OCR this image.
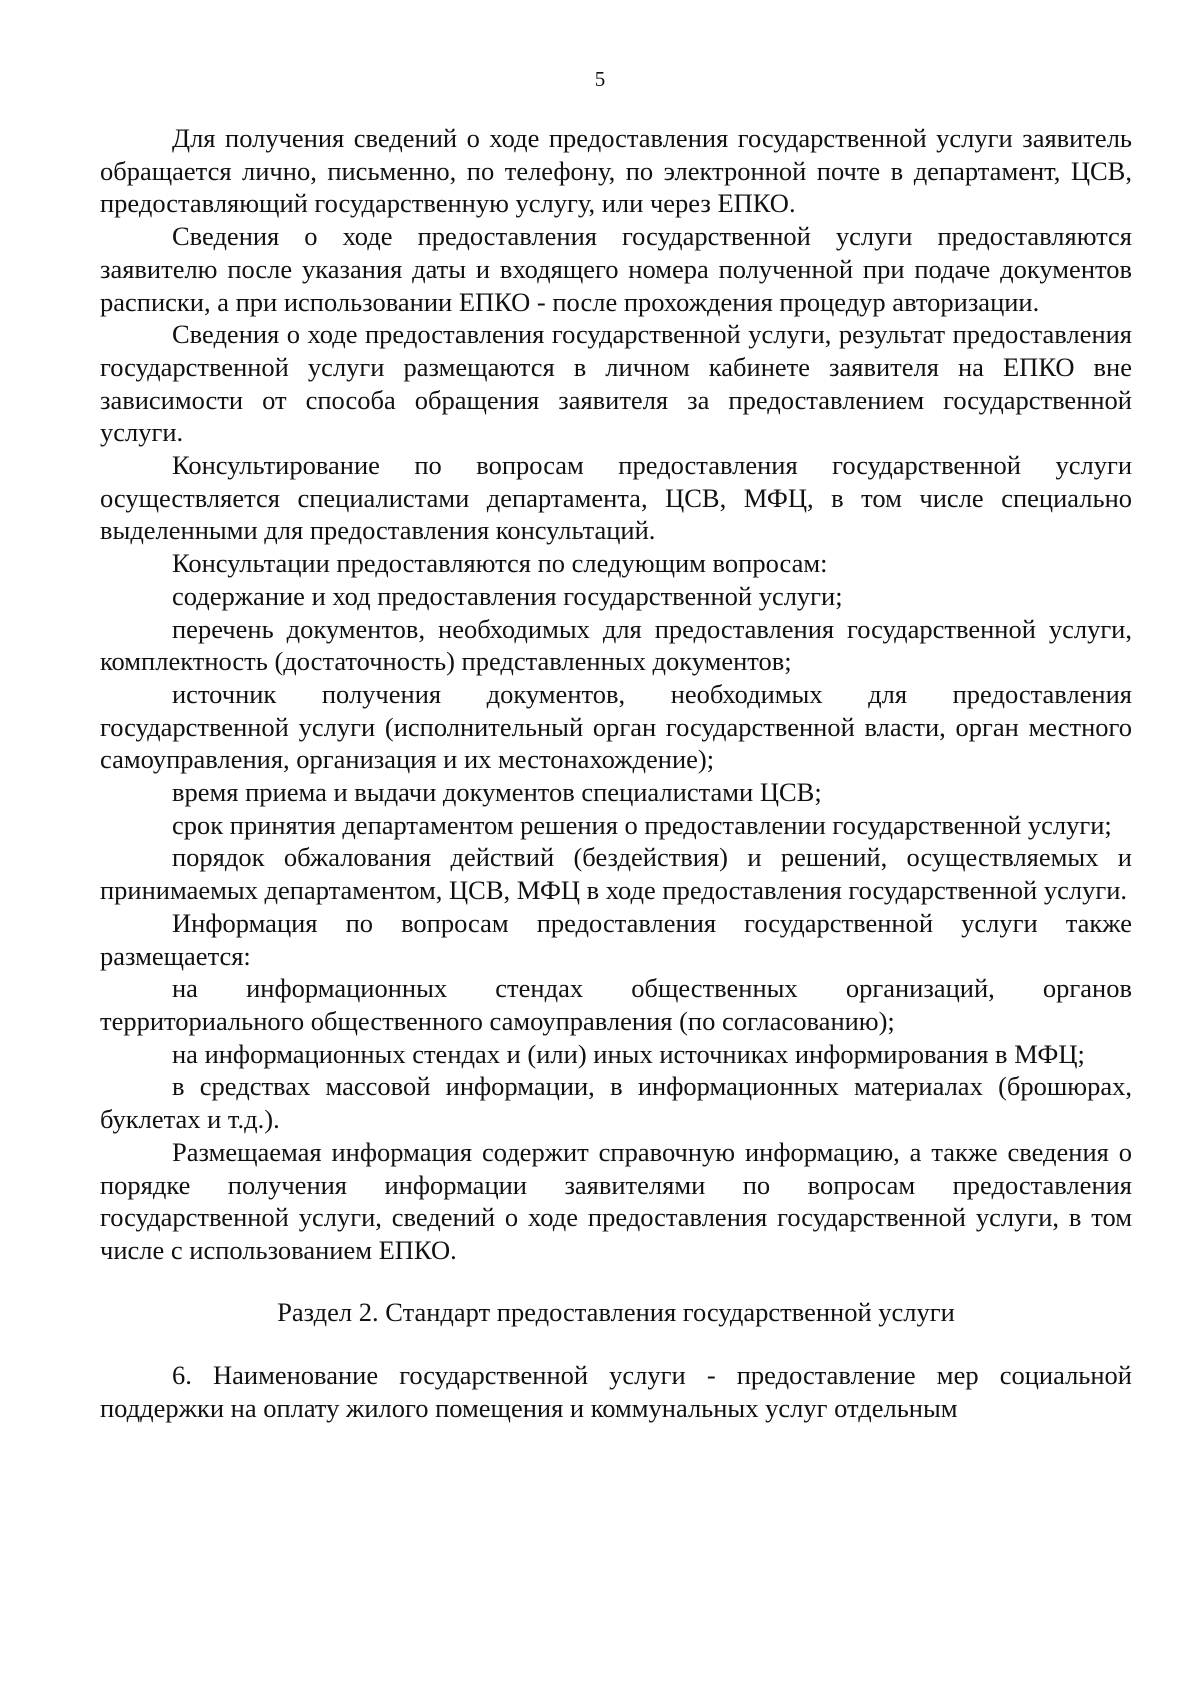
5

Для получения сведений о ходе предоставления государственной услуги заявитель обращается лично, письменно, по телефону, по электронной почте в департамент, ЦСВ, предоставляющий государственную услугу, или через ЕПКО.

Сведения о ходе предоставления государственной услуги предоставляются заявителю после указания даты и входящего номера полученной при подаче документов расписки, а при использовании ЕПКО - после прохождения процедур авторизации.

Сведения о ходе предоставления государственной услуги, результат предоставления государственной услуги размещаются в личном кабинете заявителя на ЕПКО вне зависимости от способа обращения заявителя за предоставлением государственной услуги.

Консультирование по вопросам предоставления государственной услуги осуществляется специалистами департамента, ЦСВ, МФЦ, в том числе специально выделенными для предоставления консультаций.

Консультации предоставляются по следующим вопросам:

содержание и ход предоставления государственной услуги;

перечень документов, необходимых для предоставления государственной услуги, комплектность (достаточность) представленных документов;

источник получения документов, необходимых для предоставления государственной услуги (исполнительный орган государственной власти, орган местного самоуправления, организация и их местонахождение);

время приема и выдачи документов специалистами ЦСВ;

срок принятия департаментом решения о предоставлении государственной услуги;

порядок обжалования действий (бездействия) и решений, осуществляемых и принимаемых департаментом, ЦСВ, МФЦ в ходе предоставления государственной услуги.

Информация по вопросам предоставления государственной услуги также размещается:

на информационных стендах общественных организаций, органов территориального общественного самоуправления (по согласованию);

на информационных стендах и (или) иных источниках информирования в МФЦ;

в средствах массовой информации, в информационных материалах (брошюрах, буклетах и т.д.).

Размещаемая информация содержит справочную информацию, а также сведения о порядке получения информации заявителями по вопросам предоставления государственной услуги, сведений о ходе предоставления государственной услуги, в том числе с использованием ЕПКО.

Раздел 2. Стандарт предоставления государственной услуги

6. Наименование государственной услуги - предоставление мер социальной поддержки на оплату жилого помещения и коммунальных услуг отдельным
